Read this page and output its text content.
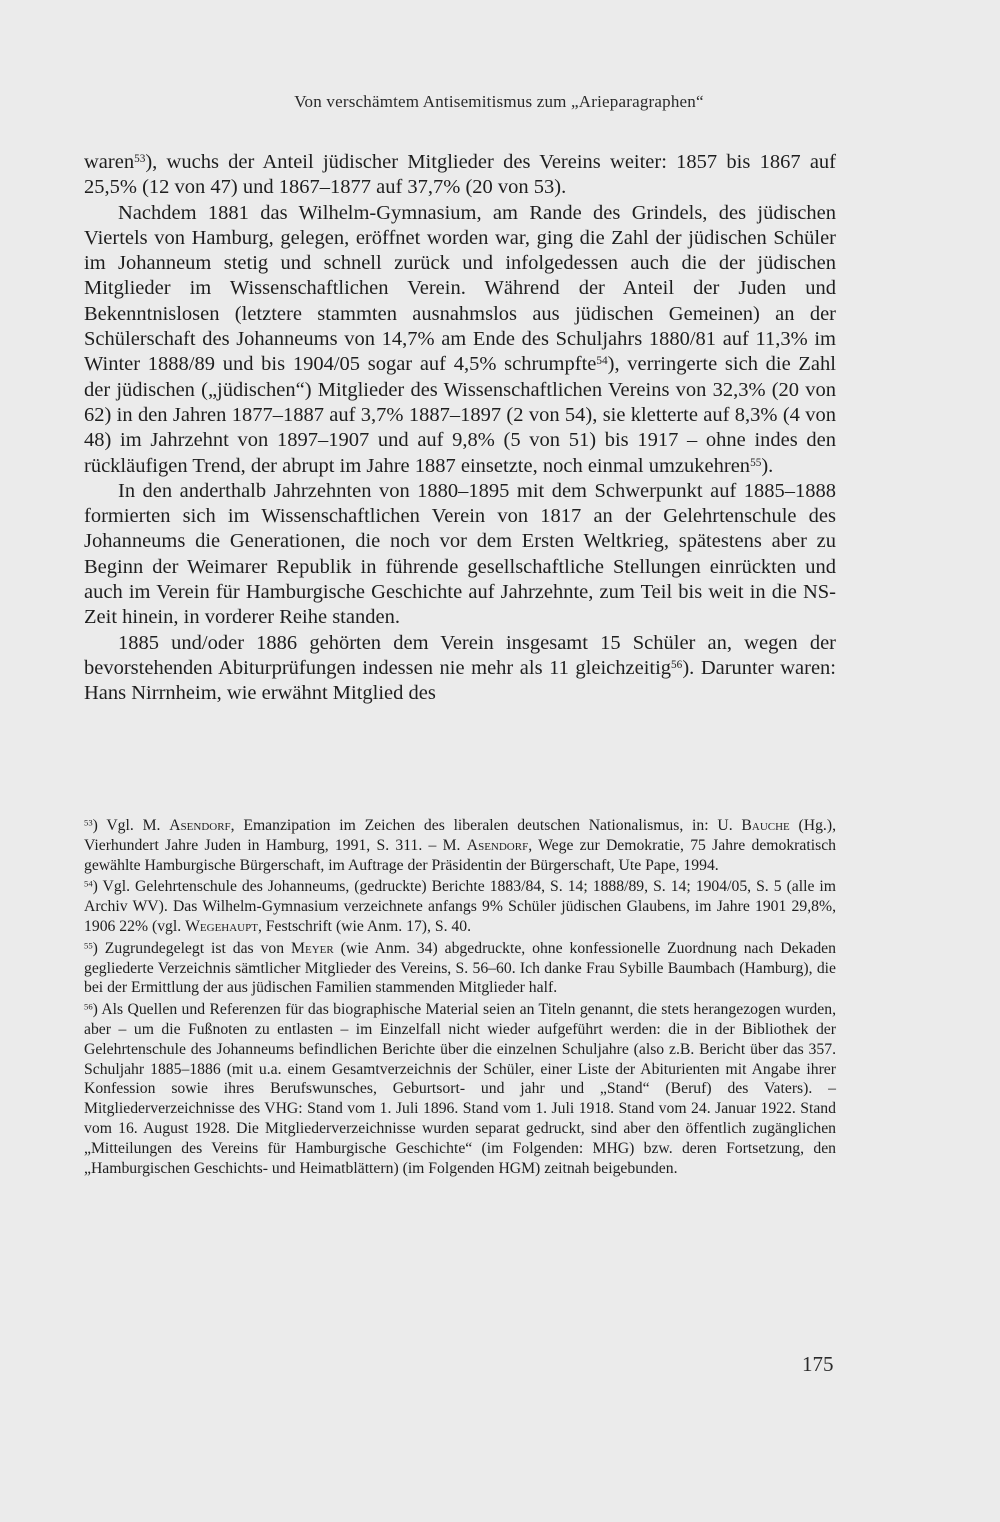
Von verschämtem Antisemitismus zum „Arieparagraphen“

waren$^{53}$), wuchs der Anteil jüdischer Mitglieder des Vereins weiter: 1857 bis 1867 auf 25,5% (12 von 47) und 1867–1877 auf 37,7% (20 von 53).

Nachdem 1881 das Wilhelm-Gymnasium, am Rande des Grindels, des jüdischen Viertels von Hamburg, gelegen, eröffnet worden war, ging die Zahl der jüdischen Schüler im Johanneum stetig und schnell zurück und infolgedessen auch die der jüdischen Mitglieder im Wissenschaftlichen Verein. Während der Anteil der Juden und Bekenntnislosen (letztere stammten ausnahmslos aus jüdischen Gemeinen) an der Schülerschaft des Johanneums von 14,7% am Ende des Schuljahrs 1880/81 auf 11,3% im Winter 1888/89 und bis 1904/05 sogar auf 4,5% schrumpfte$^{54}$), verringerte sich die Zahl der jüdischen („jüdischen“) Mitglieder des Wissenschaftlichen Vereins von 32,3% (20 von 62) in den Jahren 1877–1887 auf 3,7% 1887–1897 (2 von 54), sie kletterte auf 8,3% (4 von 48) im Jahrzehnt von 1897–1907 und auf 9,8% (5 von 51) bis 1917 – ohne indes den rückläufigen Trend, der abrupt im Jahre 1887 einsetzte, noch einmal umzukehren$^{55}$).

In den anderthalb Jahrzehnten von 1880–1895 mit dem Schwerpunkt auf 1885–1888 formierten sich im Wissenschaftlichen Verein von 1817 an der Gelehrtenschule des Johanneums die Generationen, die noch vor dem Ersten Weltkrieg, spätestens aber zu Beginn der Weimarer Republik in führende gesellschaftliche Stellungen einrückten und auch im Verein für Hamburgische Geschichte auf Jahrzehnte, zum Teil bis weit in die NS-Zeit hinein, in vorderer Reihe standen.

1885 und/oder 1886 gehörten dem Verein insgesamt 15 Schüler an, wegen der bevorstehenden Abiturprüfungen indessen nie mehr als 11 gleichzeitig$^{56}$). Darunter waren: Hans Nirrnheim, wie erwähnt Mitglied des

$^{53}$) Vgl. M. Asendorf, Emanzipation im Zeichen des liberalen deutschen Nationalismus, in: U. Bauche (Hg.), Vierhundert Jahre Juden in Hamburg, 1991, S. 311. – M. Asendorf, Wege zur Demokratie, 75 Jahre demokratisch gewählte Hamburgische Bürgerschaft, im Auftrage der Präsidentin der Bürgerschaft, Ute Pape, 1994.

$^{54}$) Vgl. Gelehrtenschule des Johanneums, (gedruckte) Berichte 1883/84, S. 14; 1888/89, S. 14; 1904/05, S. 5 (alle im Archiv WV). Das Wilhelm-Gymnasium verzeichnete anfangs 9% Schüler jüdischen Glaubens, im Jahre 1901 29,8%, 1906 22% (vgl. Wegehaupt, Festschrift (wie Anm. 17), S. 40.

$^{55}$) Zugrundegelegt ist das von Meyer (wie Anm. 34) abgedruckte, ohne konfessionelle Zuordnung nach Dekaden gegliederte Verzeichnis sämtlicher Mitglieder des Vereins, S. 56–60. Ich danke Frau Sybille Baumbach (Hamburg), die bei der Ermittlung der aus jüdischen Familien stammenden Mitglieder half.

$^{56}$) Als Quellen und Referenzen für das biographische Material seien an Titeln genannt, die stets herangezogen wurden, aber – um die Fußnoten zu entlasten – im Einzelfall nicht wieder aufgeführt werden: die in der Bibliothek der Gelehrtenschule des Johanneums befindlichen Berichte über die einzelnen Schuljahre (also z.B. Bericht über das 357. Schuljahr 1885–1886 (mit u.a. einem Gesamtverzeichnis der Schüler, einer Liste der Abiturienten mit Angabe ihrer Konfession sowie ihres Berufswunsches, Geburtsort- und jahr und „Stand“ (Beruf) des Vaters). – Mitgliederverzeichnisse des VHG: Stand vom 1. Juli 1896. Stand vom 1. Juli 1918. Stand vom 24. Januar 1922. Stand vom 16. August 1928. Die Mitgliederverzeichnisse wurden separat gedruckt, sind aber den öffentlich zugänglichen „Mitteilungen des Vereins für Hamburgische Geschichte“ (im Folgenden: MHG) bzw. deren Fortsetzung, den „Hamburgischen Geschichts- und Heimatblättern) (im Folgenden HGM) zeitnah beigebunden.

175
